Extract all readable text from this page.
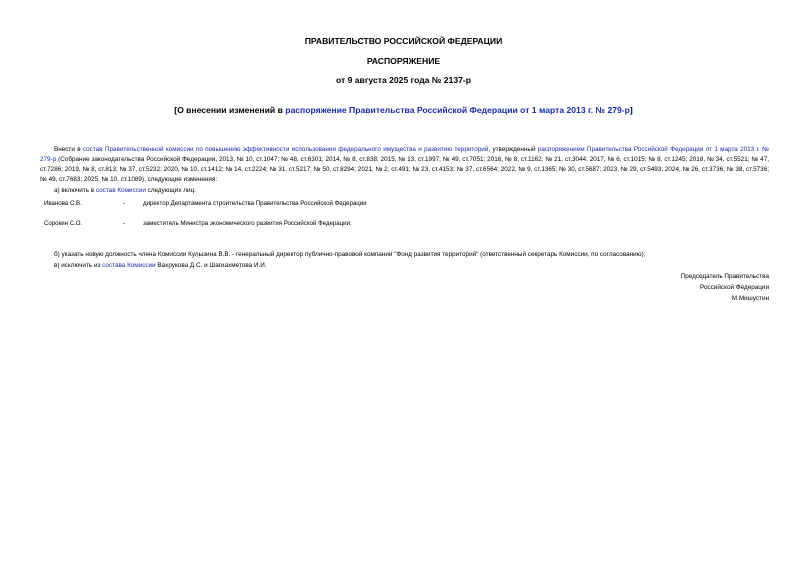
ПРАВИТЕЛЬСТВО РОССИЙСКОЙ ФЕДЕРАЦИИ
РАСПОРЯЖЕНИЕ
от 9 августа 2025 года № 2137-р
[О внесении изменений в распоряжение Правительства Российской Федерации от 1 марта 2013 г. № 279-р]
Внести в состав Правительственной комиссии по повышению эффективности использования федерального имущества и развитию территорий, утвержденный распоряжением Правительства Российской Федерации от 1 марта 2013 г. № 279-р (Собрание законодательства Российской Федерации, 2013, № 10, ст.1047; № 48, ст.6301; 2014, № 8, ст.838; 2015, № 13, ст.1997; № 49, ст.7051; 2016, № 8, ст.1162; № 21, ст.3044; 2017, № 6, ст.1015; № 8, ст.1245; 2018, № 34, ст.5521; № 47, ст.7286; 2019, № 8, ст.813; № 37, ст.5232; 2020, № 10, ст.1412; № 14, ст.2224; № 31, ст.5217; № 50, ст.8294; 2021, № 2, ст.491; № 23, ст.4153; № 37, ст.6564; 2022, № 9, ст.1365; № 30, ст.5687; 2023, № 29, ст.5493; 2024, № 26, ст.3736; № 38, ст.5736; № 49, ст.7683; 2025, № 10, ст.1089), следующие изменения:
а) включить в состав Комиссии следующих лиц:
Иванова С.В.	-	директор Департамента строительства Правительства Российской Федерации
Сорокин С.О.	-	заместитель Министра экономического развития Российской Федерации;
б) указать новую должность члена Комиссии Кулызина В.В. - генеральный директор публично-правовой компании "Фонд развития территорий" (ответственный секретарь Комиссии, по согласованию);
в) исключить из состава Комиссии Вахрукова Д.С. и Шагиахметова И.И.
Председатель Правительства
Российской Федерации
М.Мишустин
